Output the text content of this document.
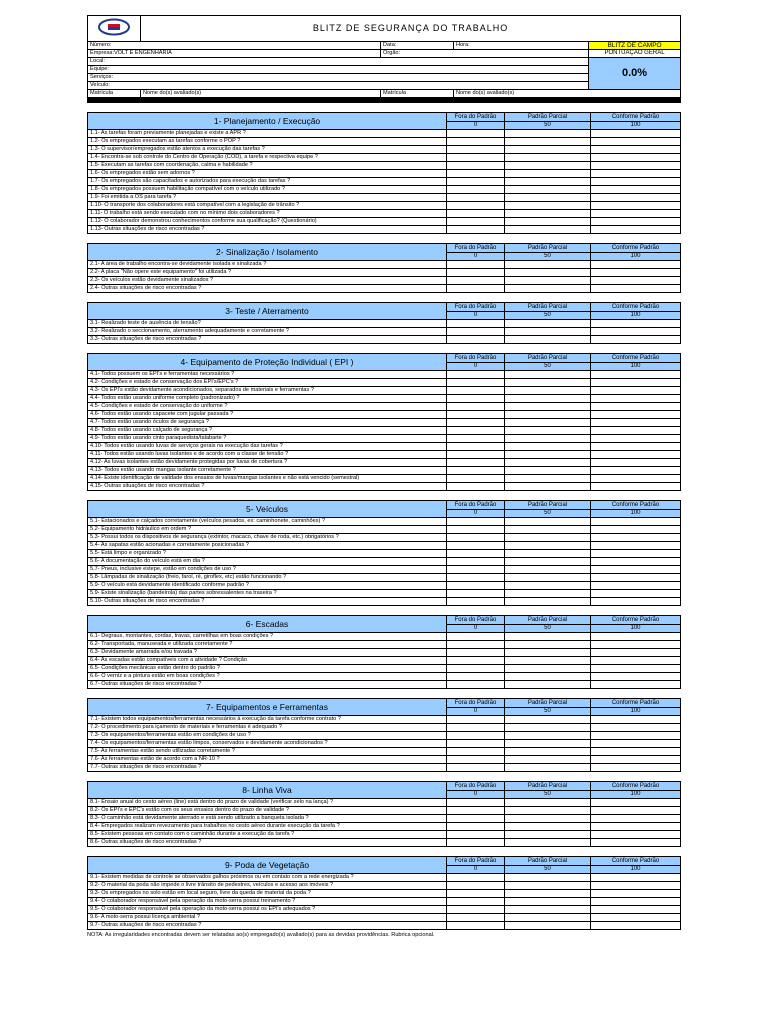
	BLITZ DE SEGURANÇA DO TRABALHO			
Número:		Data:	Hora:	BLITZ DE CAMPO
Empresa:VOLT E ENGENHARIA		Orgão:		PONTUAÇÃO GERAL
Local:				0.0%
Equipe:				
Serviços:				
Veículo:				
Matrícula	Nome do(s) avaliado(s)	Matrícula	Nome do(s) avaliado(s)	

1- Planejamento / Execução	Fora do Padrão	Padrão Parcial	Conforme Padrão
	0	50	100
1.1- As tarefas foram previamente planejadas e existe a APR ?			
1.2- Os empregados executam as tarefas conforme o POP ?			
1.3- O supervisor/empregados estão atentos a execução das tarefas ?			
1.4- Encontra-se sob controle do Centro de Operação (COD), a tarefa e respectiva equipe ?			
1.5- Executam as tarefas com coordenação, calma e habilidade ?			
1.6- Os empregados estão sem adornos ?			
1.7- Os empregados são capacitados e autorizados para execução das tarefas ?			
1.8- Os empregados possuem habilitação compatível com o veículo utilizado ?			
1.9- Foi emitida a OS para tarefa ?			
1.10- O transporte dos colaboradores está compatível com a legislação de trânsito ?			
1.11- O trabalho está sendo executado com no mínimo dois colaboradores ?			
1.12- O colaborador demonstrou conhecimentos conforme sua qualificação? (Questionário)			
1.13- Outras situações de risco encontradas ?			
2- Sinalização / Isolamento	Fora do Padrão	Padrão Parcial	Conforme Padrão
	0	50	100
2.1- A área de trabalho encontra-se devidamente isolada e sinalizada ?			
2.2- A placa "Não opere este equipamento" foi utilizada ?			
2.3- Os veículos estão devidamente sinalizados ?			
2.4- Outras situações de risco encontradas ?			
3- Teste / Aterramento	Fora do Padrão	Padrão Parcial	Conforme Padrão
	0	50	100
3.1- Realizado teste de ausência de tensão?			
3.2- Realizado o seccionamento, aterramento adequadamente e corretamente ?			
3.3- Outras situações de risco encontradas ?			
4- Equipamento de Proteção Individual ( EPI )	Fora do Padrão	Padrão Parcial	Conforme Padrão
	0	50	100
4.1- Todos possuem os EPI's e ferramentas necessários ?			
4.2- Condições e estado de conservação dos EPI's/EPC's ?			
4.3- Os EPI's estão devidamente acondicionados, separados de materiais e ferramentas ?			
4.4- Todos estão usando uniforme completo (padronizado) ?			
4.5- Condições e estado de conservação do uniforme ?			
4.6- Todos estão usando capacete com jugular passada ?			
4.7- Todos estão usando óculos de segurança ?			
4.8- Todos estão usando calçado de segurança ?			
4.9- Todos estão usando cinto paraquedista/talabarte ?			
4.10- Todos estão usando luvas de serviços gerais na execução das tarefas ?			
4.11- Todos estão usando luvas isolantes e de acordo com a classe de tensão ?			
4.12- As luvas isolantes estão devidamente protegidas por luvas de cobertura ?			
4.13- Todos estão usando mangas isolante corretamente ?			
4.14- Existe identificação de validade dos ensaios de luvas/mangas isolantes e não está vencido (semestral)			
4.15- Outras situações de risco encontradas ?			
5- Veículos	Fora do Padrão	Padrão Parcial	Conforme Padrão
	0	50	100
5.1- Estacionados e calçados corretamente (veículos pesados, ex: caminhonete, caminhões) ?			
5.2- Equipamento hidráulico em ordem ?			
5.3- Possui todos os dispositivos de segurança (extintor, macaco, chave de roda, etc.) obrigatórios ?			
5.4- As sapatas estão acionadas e corretamente posicionadas ?			
5.5- Está limpo e organizado ?			
5.6- A documentação do veículo está em dia ?			
5.7- Pneus, inclusive estepe, estão em condições de uso ?			
5.8- Lâmpadas de sinalização (freio, farol, ré, giroflex, etc) estão funcionando ?			
5.9- O veículo está devidamente identificado conforme padrão ?			
5.9- Existe sinalização (bandeirola) das partes sobressalentes na traseira ?			
5.10- Outras situações de risco encontradas ?			
6- Escadas	Fora do Padrão	Padrão Parcial	Conforme Padrão
	0	50	100
6.1- Degraus, montantes, cordas, travas, carretilhas em boas condições ?			
6.2- Transportada, manuseada e utilizada corretamente ?			
6.3- Devidamente amarrada e/ou travada ?			
6.4- As escadas estão compatíveis com a atividade ? Condição			
6.5- Condições mecânicas estão dentro do padrão ?			
6.6- O verniz e a pintura estão em boas condições ?			
6.7- Outras situações de risco encontradas ?			
7- Equipamentos e Ferramentas	Fora do Padrão	Padrão Parcial	Conforme Padrão
	0	50	100
7.1- Existem todos equipamentos/ferramentas necessários à execução da tarefa conforme contrato ?			
7.2- O procedimento para içamento de materiais e ferramentas é adequado ?			
7.3- Os equipamentos/ferramentas estão em condições de uso ?			
7.4- Os equipamentos/ferramentas estão limpos, conservados e devidamente acondicionados ?			
7.5- As ferramentas estão sendo utilizadas corretamente ?			
7.6- As ferramentas estão de acordo com a NR-10 ?			
7.7- Outras situações de risco encontradas ?			
8- Linha Viva	Fora do Padrão	Padrão Parcial	Conforme Padrão
	0	50	100
8.1- Ensaio anual do cesto aéreo (line) está dentro do prazo de validade (verificar selo na lança) ?			
8.2- Os EPI's e EPC's estão com os seus ensaios dentro do prazo de validade ?			
8.3- O caminhão está devidamente aterrado e está sendo utilizado a banqueta isolada ?			
8.4- Empregados realizam revezamento para trabalhos no cesto aéreo durante execução da tarefa ?			
8.5- Existem pessoas em contato com o caminhão durante a execução da tarefa ?			
8.6- Outras situações de risco encontradas ?			
9- Poda de Vegetação	Fora do Padrão	Padrão Parcial	Conforme Padrão
	0	50	100
9.1- Existem medidas de controle se observados galhos próximos ou em contato com a rede energizada ?			
9.2- O material da poda não impede o livre trânsito de pedestres, veículos e acesso aos imóveis ?			
9.3- Os empregados no solo estão em local seguro, livre da queda de material da poda ?			
9.4- O colaborador responsável pela operação da moto-serra possui treinamento ?			
9.5- O colaborador responsável pela operação da moto-serra possui os EPI's adequados ?			
9.6- A moto-serra possui licença ambiental ?			
9.7- Outras situações de risco encontradas ?			
NOTA: As irregularidades encontradas devem ser relatadas ao(s) empregado(s) avaliado(s) para as devidas providências. Rubrica opcional.
